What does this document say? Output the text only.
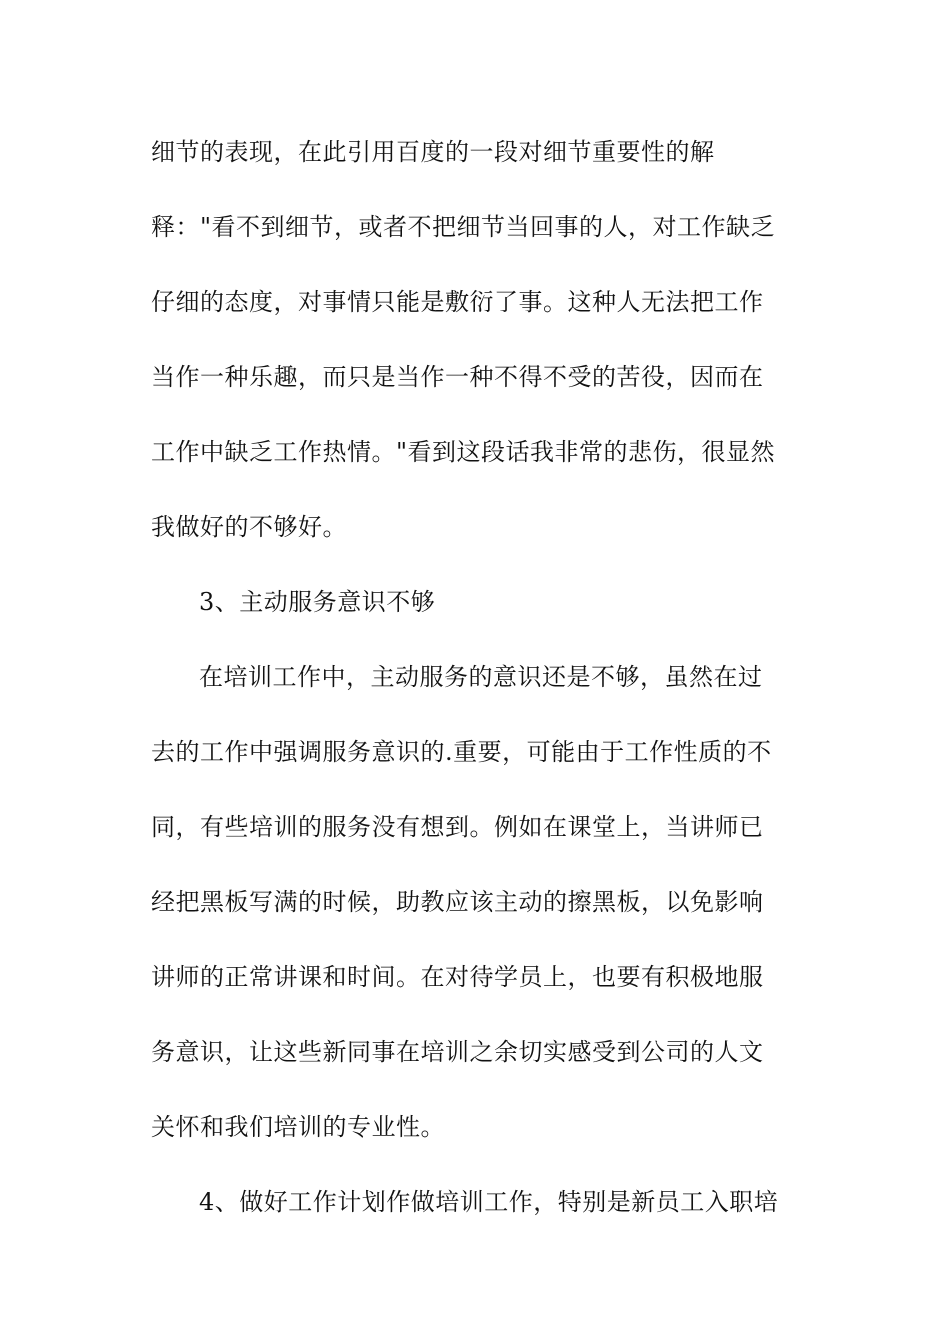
细节的表现，在此引用百度的一段对细节重要性的解
释："看不到细节，或者不把细节当回事的人，对工作缺乏
仔细的态度，对事情只能是敷衍了事。这种人无法把工作
当作一种乐趣，而只是当作一种不得不受的苦役，因而在
工作中缺乏工作热情。"看到这段话我非常的悲伤，很显然
我做好的不够好。
3、主动服务意识不够
在培训工作中，主动服务的意识还是不够，虽然在过
去的工作中强调服务意识的.重要，可能由于工作性质的不
同，有些培训的服务没有想到。例如在课堂上，当讲师已
经把黑板写满的时候，助教应该主动的擦黑板，以免影响
讲师的正常讲课和时间。在对待学员上，也要有积极地服
务意识，让这些新同事在培训之余切实感受到公司的人文
关怀和我们培训的专业性。
4、做好工作计划作做培训工作，特别是新员工入职培
